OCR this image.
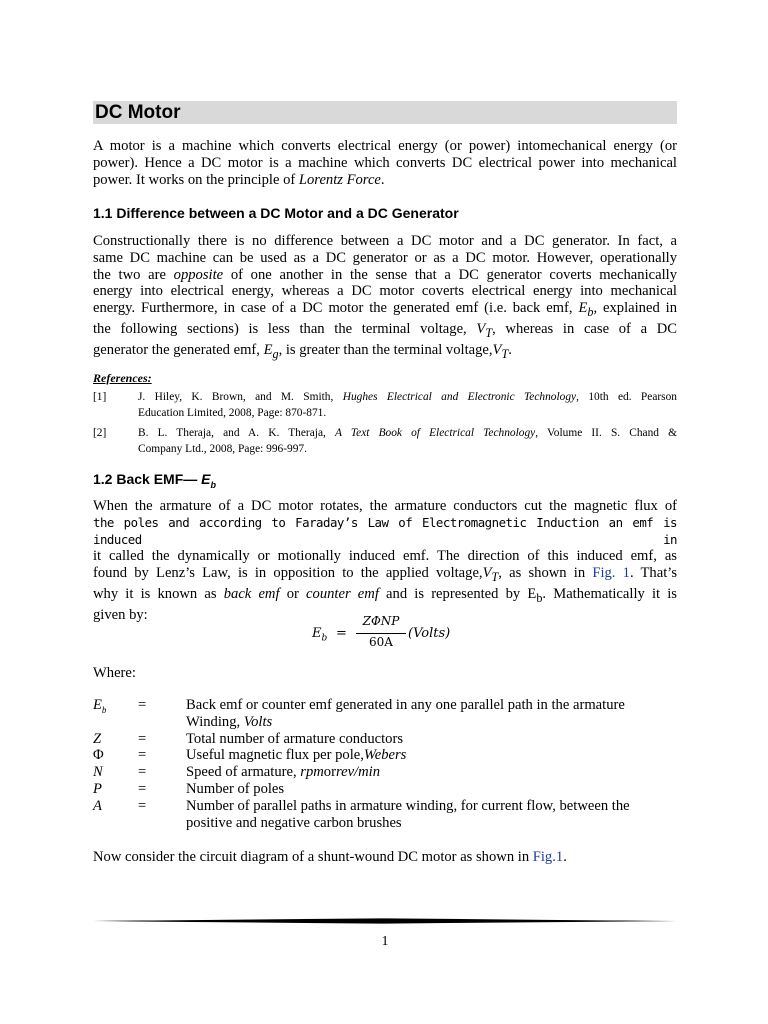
DC Motor
A motor is a machine which converts electrical energy (or power) intomechanical energy (or
power). Hence a DC motor is a machine which converts DC electrical power into mechanical
power. It works on the principle of Lorentz Force.
1.1 Difference between a DC Motor and a DC Generator
Constructionally there is no difference between a DC motor and a DC generator. In fact, a
same DC machine can be used as a DC generator or as a DC motor. However, operationally
the two are opposite of one another in the sense that a DC generator coverts mechanically
energy into electrical energy, whereas a DC motor coverts electrical energy into mechanical
energy. Furthermore, in case of a DC motor the generated emf (i.e. back emf, $E_b$, explained in
the following sections) is less than the terminal voltage, $V_T$, whereas in case of a DC
generator the generated emf, $E_g$, is greater than the terminal $voltage,V_T$.
References:
[1]	J. Hiley, K. Brown, and M. Smith, Hughes Electrical and Electronic Technology, 10th ed. Pearson
Education Limited, 2008, Page: 870-871.
[2]	B. L. Theraja, and A. K. Theraja, A Text Book of Electrical Technology, Volume II. S. Chand &
Company Ltd., 2008, Page: 996-997.
1.2 Back EMF— $E_b$
When the armature of a DC motor rotates, the armature conductors cut the magnetic flux of
the poles and according to Faraday’s Law of Electromagnetic Induction an emf is induced in
it called the dynamically or motionally induced emf. The direction of this induced emf, as
found by Lenz’s Law, is in opposition to the applied $voltage,V_T$, as shown in Fig. 1. That’s
why it is known as back emf or counter emf and is represented by $E_b$. Mathematically it is
given by:
$E_b$ =
ZΦNP
60A
(Volts)
Where:
$E_b$ =	Back emf or counter emf generated in any one parallel path in the armature
Winding, Volts
Z	=	Total number of armature conductors
Φ =	Useful magnetic flux per pole,Webers
N =	Speed of armature, rpmorrev/min
P =	Number of poles
A =	Number of parallel paths in armature winding, for current flow, between the
positive and negative carbon brushes
Now consider the circuit diagram of a shunt-wound DC motor as shown in Fig.1.
1
